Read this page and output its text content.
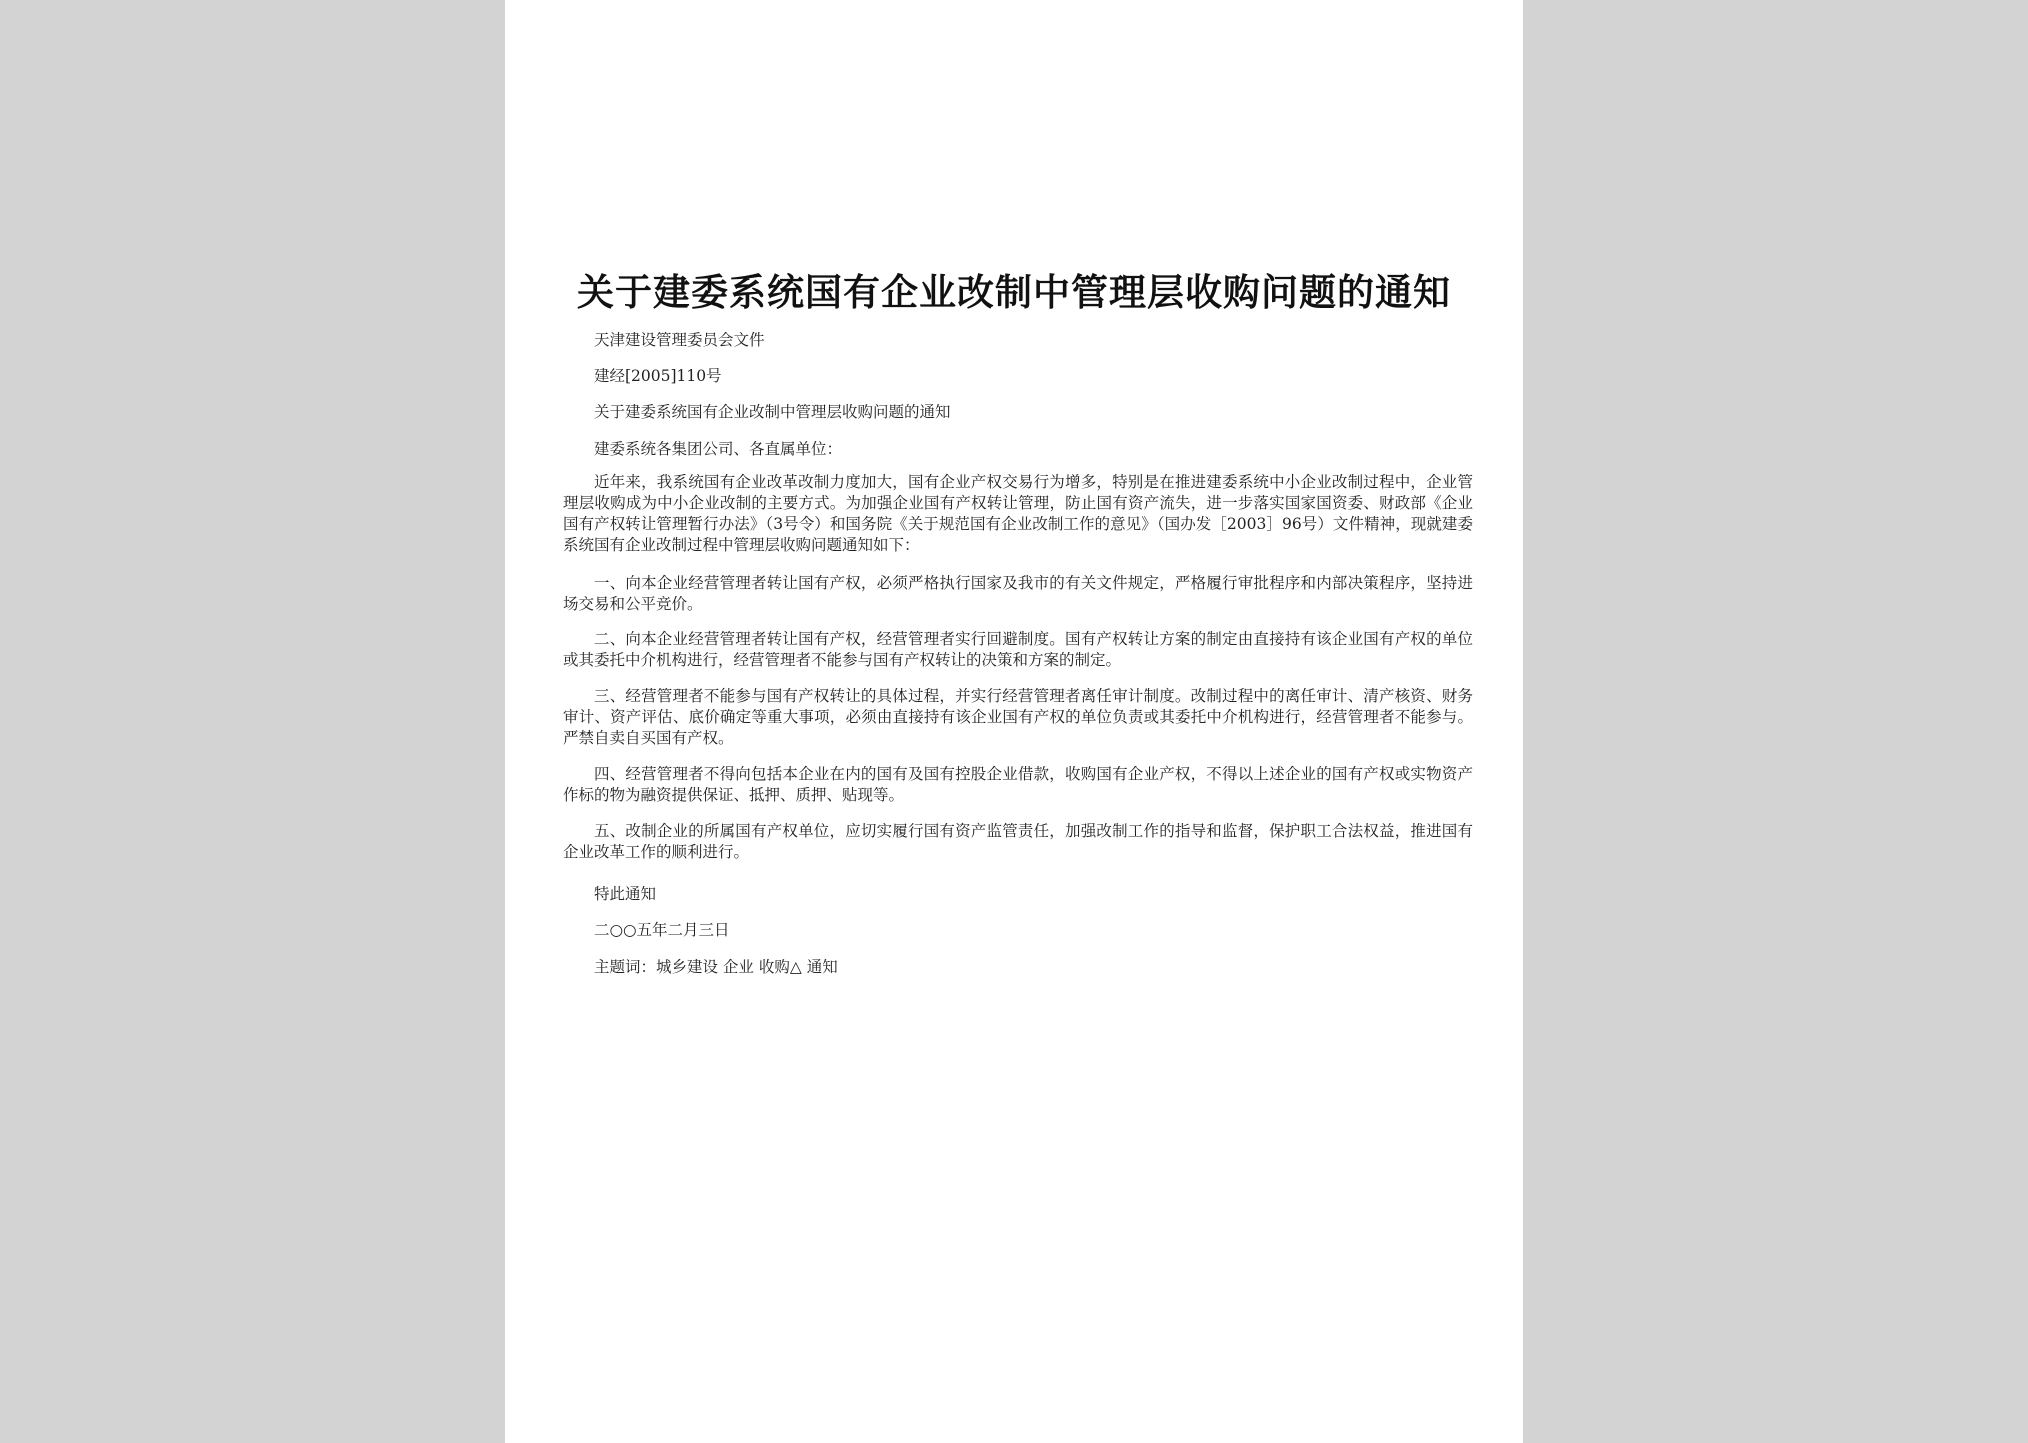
关于建委系统国有企业改制中管理层收购问题的通知
天津建设管理委员会文件
建经[2005]110号
关于建委系统国有企业改制中管理层收购问题的通知
建委系统各集团公司、各直属单位：
近年来，我系统国有企业改革改制力度加大，国有企业产权交易行为增多，特别是在推进建委系统中小企业改制过程中，企业管理层收购成为中小企业改制的主要方式。为加强企业国有产权转让管理，防止国有资产流失，进一步落实国家国资委、财政部《企业国有产权转让管理暂行办法》（3号令）和国务院《关于规范国有企业改制工作的意见》（国办发［2003］96号）文件精神，现就建委系统国有企业改制过程中管理层收购问题通知如下：
一、向本企业经营管理者转让国有产权，必须严格执行国家及我市的有关文件规定，严格履行审批程序和内部决策程序，坚持进场交易和公平竞价。
二、向本企业经营管理者转让国有产权，经营管理者实行回避制度。国有产权转让方案的制定由直接持有该企业国有产权的单位或其委托中介机构进行，经营管理者不能参与国有产权转让的决策和方案的制定。
三、经营管理者不能参与国有产权转让的具体过程，并实行经营管理者离任审计制度。改制过程中的离任审计、清产核资、财务审计、资产评估、底价确定等重大事项，必须由直接持有该企业国有产权的单位负责或其委托中介机构进行，经营管理者不能参与。严禁自卖自买国有产权。
四、经营管理者不得向包括本企业在内的国有及国有控股企业借款，收购国有企业产权，不得以上述企业的国有产权或实物资产作标的物为融资提供保证、抵押、质押、贴现等。
五、改制企业的所属国有产权单位，应切实履行国有资产监管责任，加强改制工作的指导和监督，保护职工合法权益，推进国有企业改革工作的顺利进行。
特此通知
二○○五年二月三日
主题词：城乡建设 企业 收购△ 通知
